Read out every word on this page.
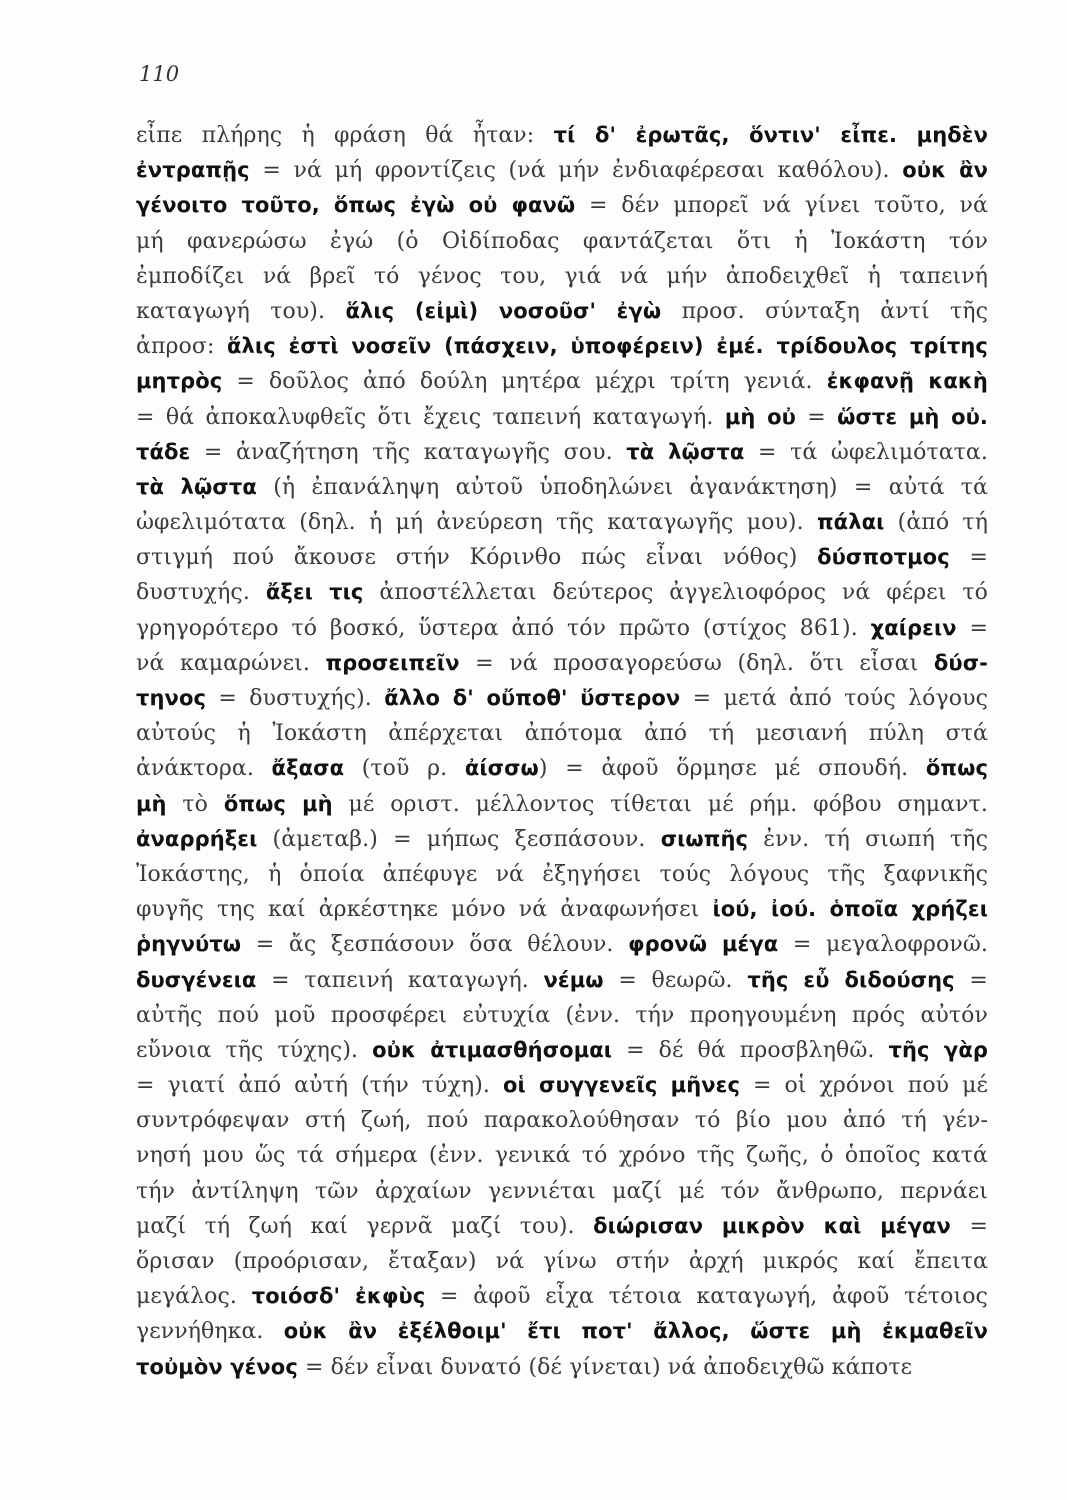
110
εἶπε πλήρης ἡ φράση θά ἦταν: τί δ' ἐρωτᾶς, ὅντιν' εἶπε. μηδὲν
ἐντραπῇς = νά μή φροντίζεις (νά μήν ἐνδιαφέρεσαι καθόλου). οὐκ ἂν
γένοιτο τοῦτο, ὅπως ἐγὼ οὐ φανῶ = δέν μπορεῖ νά γίνει τοῦτο, νά
μή φανερώσω ἐγώ (ὁ Οἰδίποδας φαντάζεται ὅτι ἡ Ἰοκάστη τόν
ἐμποδίζει νά βρεῖ τό γένος του, γιά νά μήν ἀποδειχθεῖ ἡ ταπεινή
καταγωγή του). ἅλις (εἰμὶ) νοσοῦσ' ἐγὼ προσ. σύνταξη ἀντί τῆς
ἀπροσ: ἅλις ἐστὶ νοσεῖν (πάσχειν, ὑποφέρειν) ἐμέ. τρίδουλος τρίτης
μητρὸς = δοῦλος ἀπό δούλη μητέρα μέχρι τρίτη γενιά. ἐκφανῇ κακὴ
= θά ἀποκαλυφθεῖς ὅτι ἔχεις ταπεινή καταγωγή. μὴ οὐ = ὥστε μὴ οὐ.
τάδε = ἀναζήτηση τῆς καταγωγῆς σου. τὰ λῷστα = τά ὠφελιμότατα.
τὰ λῷστα (ἡ ἐπανάληψη αὐτοῦ ὑποδηλώνει ἀγανάκτηση) = αὐτά τά
ὠφελιμότατα (δηλ. ἡ μή ἀνεύρεση τῆς καταγωγῆς μου). πάλαι (ἀπό τή
στιγμή πού ἄκουσε στήν Κόρινθο πώς εἶναι νόθος) δύσποτμος =
δυστυχής. ἄξει τις ἀποστέλλεται δεύτερος ἀγγελιοφόρος νά φέρει τό
γρηγορότερο τό βοσκό, ὕστερα ἀπό τόν πρῶτο (στίχος 861). χαίρειν =
νά καμαρώνει. προσειπεῖν = νά προσαγορεύσω (δηλ. ὅτι εἶσαι δύσ-
τηνος = δυστυχής). ἄλλο δ' οὔποθ' ὕστερον = μετά ἀπό τούς λόγους
αὐτούς ἡ Ἰοκάστη ἀπέρχεται ἀπότομα ἀπό τή μεσιανή πύλη στά
ἀνάκτορα. ἄξασα (τοῦ ρ. ἀίσσω) = ἀφοῦ ὅρμησε μέ σπουδή. ὅπως
μὴ τὸ ὅπως μὴ μέ οριστ. μέλλοντος τίθεται μέ ρήμ. φόβου σημαντ.
ἀναρρήξει (ἀμεταβ.) = μήπως ξεσπάσουν. σιωπῆς ἐνν. τή σιωπή τῆς
Ἰοκάστης, ἡ ὁποία ἀπέφυγε νά ἐξηγήσει τούς λόγους τῆς ξαφνικῆς
φυγῆς της καί ἀρκέστηκε μόνο νά ἀναφωνήσει ἰού, ἰού. ὁποῖα χρήζει
ῥηγνύτω = ἄς ξεσπάσουν ὅσα θέλουν. φρονῶ μέγα = μεγαλοφρονῶ.
δυσγένεια = ταπεινή καταγωγή. νέμω = θεωρῶ. τῆς εὖ διδούσης =
αὐτῆς πού μοῦ προσφέρει εὐτυχία (ἐνν. τήν προηγουμένη πρός αὐτόν
εὔνοια τῆς τύχης). οὐκ ἀτιμασθήσομαι = δέ θά προσβληθῶ. τῆς γὰρ
= γιατί ἀπό αὐτή (τήν τύχη). οἱ συγγενεῖς μῆνες = οἱ χρόνοι πού μέ
συντρόφεψαν στή ζωή, πού παρακολούθησαν τό βίο μου ἀπό τή γέν-
νησή μου ὥς τά σήμερα (ἐνν. γενικά τό χρόνο τῆς ζωῆς, ὁ ὁποῖος κατά
τήν ἀντίληψη τῶν ἀρχαίων γεννιέται μαζί μέ τόν ἄνθρωπο, περνάει
μαζί τή ζωή καί γερνᾶ μαζί του). διώρισαν μικρὸν καὶ μέγαν =
ὅρισαν (προόρισαν, ἔταξαν) νά γίνω στήν ἀρχή μικρός καί ἔπειτα
μεγάλος. τοιόσδ' ἐκφὺς = ἀφοῦ εἶχα τέτοια καταγωγή, ἀφοῦ τέτοιος
γεννήθηκα. οὐκ ἂν ἐξέλθοιμ' ἔτι ποτ' ἄλλος, ὥστε μὴ ἐκμαθεῖν
τοὐμὸν γένος = δέν εἶναι δυνατό (δέ γίνεται) νά ἀποδειχθῶ κάποτε
